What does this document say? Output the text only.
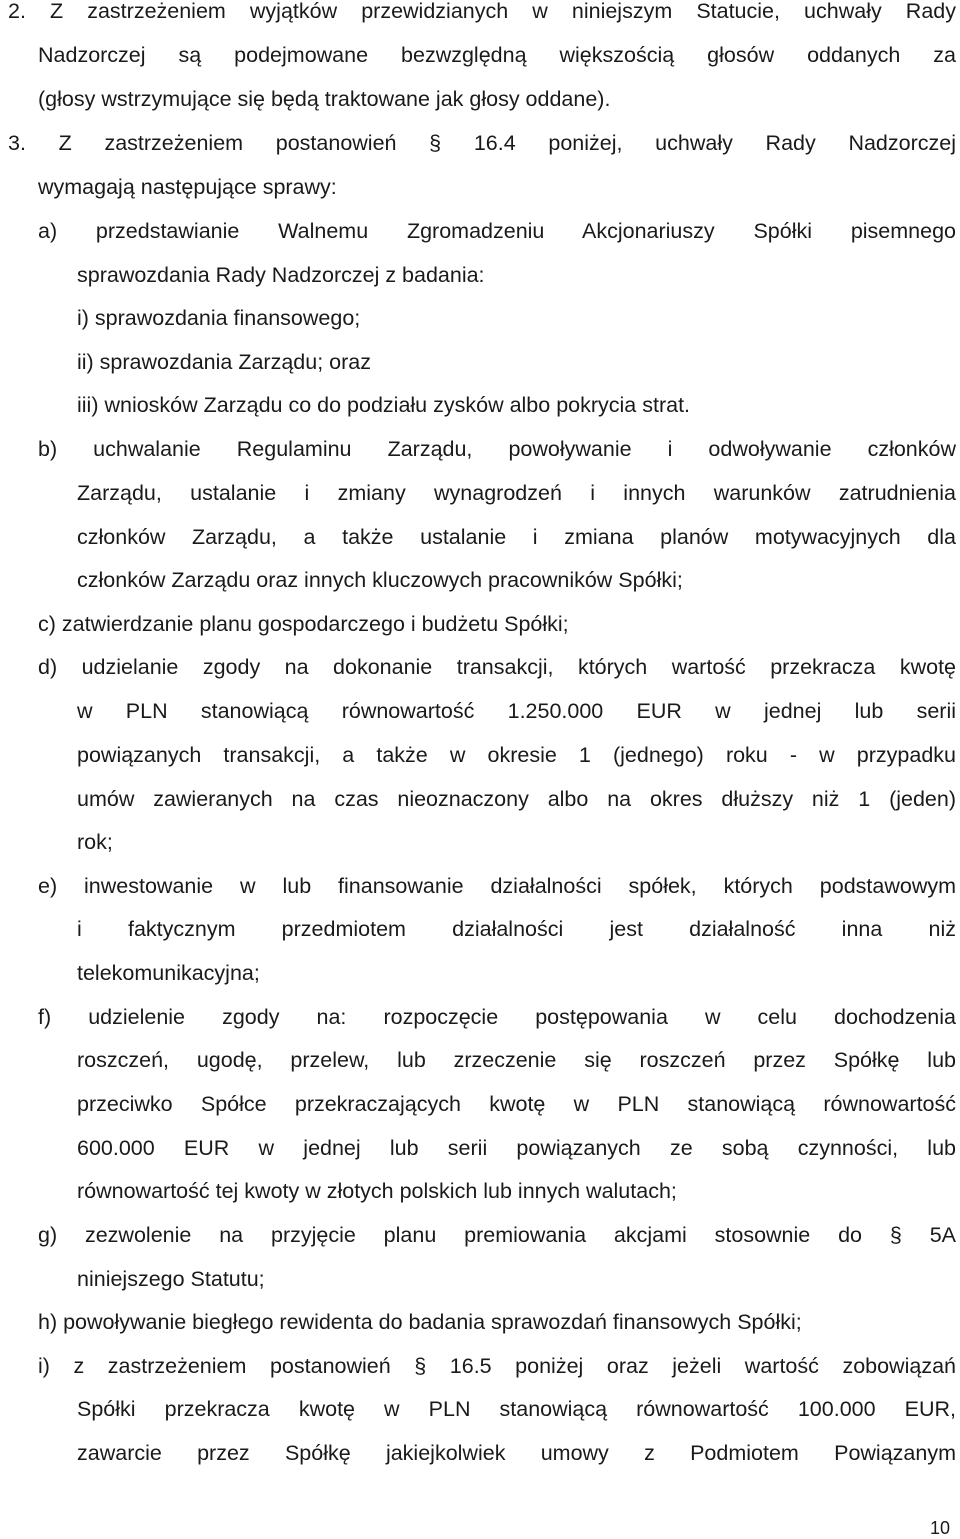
2. Z zastrzeżeniem wyjątków przewidzianych w niniejszym Statucie, uchwały Rady
Nadzorczej są podejmowane bezwzględną większością głosów oddanych za
(głosy wstrzymujące się będą traktowane jak głosy oddane).
3. Z zastrzeżeniem postanowień § 16.4 poniżej, uchwały Rady Nadzorczej
wymagają następujące sprawy:
a) przedstawianie Walnemu Zgromadzeniu Akcjonariuszy Spółki pisemnego
sprawozdania Rady Nadzorczej z badania:
i) sprawozdania finansowego;
ii) sprawozdania Zarządu; oraz
iii) wniosków Zarządu co do podziału zysków albo pokrycia strat.
b) uchwalanie Regulaminu Zarządu, powoływanie i odwoływanie członków
Zarządu, ustalanie i zmiany wynagrodzeń i innych warunków zatrudnienia
członków Zarządu, a także ustalanie i zmiana planów motywacyjnych dla
członków Zarządu oraz innych kluczowych pracowników Spółki;
c) zatwierdzanie planu gospodarczego i budżetu Spółki;
d) udzielanie zgody na dokonanie transakcji, których wartość przekracza kwotę
w PLN stanowiącą równowartość 1.250.000 EUR w jednej lub serii
powiązanych transakcji, a także w okresie 1 (jednego) roku - w przypadku
umów zawieranych na czas nieoznaczony albo na okres dłuższy niż 1 (jeden)
rok;
e) inwestowanie w lub finansowanie działalności spółek, których podstawowym
i faktycznym przedmiotem działalności jest działalność inna niż
telekomunikacyjna;
f) udzielenie zgody na: rozpoczęcie postępowania w celu dochodzenia
roszczeń, ugodę, przelew, lub zrzeczenie się roszczeń przez Spółkę lub
przeciwko Spółce przekraczających kwotę w PLN stanowiącą równowartość
600.000 EUR w jednej lub serii powiązanych ze sobą czynności, lub
równowartość tej kwoty w złotych polskich lub innych walutach;
g) zezwolenie na przyjęcie planu premiowania akcjami stosownie do § 5A
niniejszego Statutu;
h) powoływanie biegłego rewidenta do badania sprawozdań finansowych Spółki;
i) z zastrzeżeniem postanowień § 16.5 poniżej oraz jeżeli wartość zobowiązań
Spółki przekracza kwotę w PLN stanowiącą równowartość 100.000 EUR,
zawarcie przez Spółkę jakiejkolwiek umowy z Podmiotem Powiązanym
10
